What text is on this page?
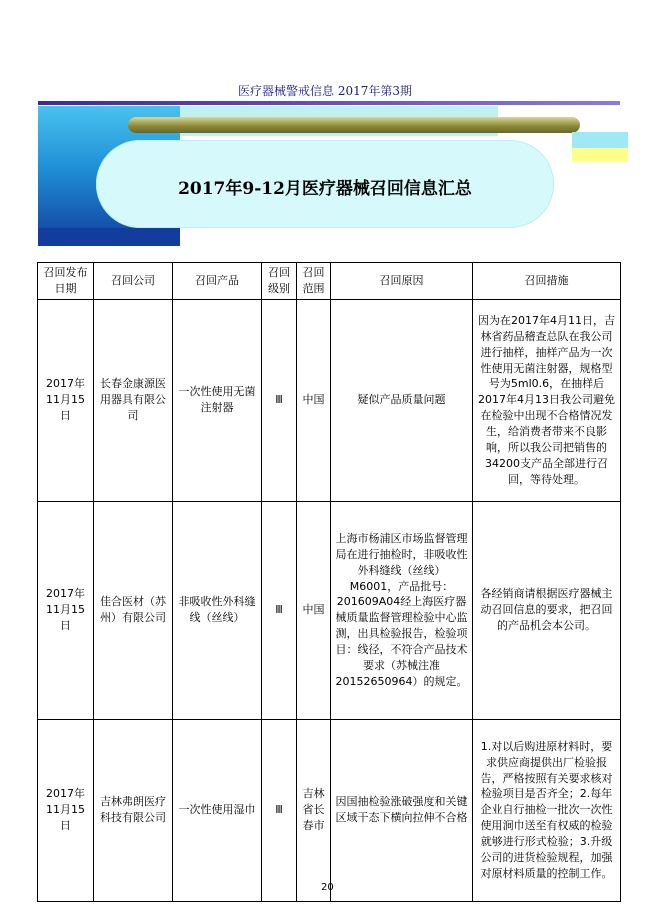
医疗器械警戒信息 2017年第3期
2017年9-12月医疗器械召回信息汇总
召回发布日期	召回公司	召回产品	召回级别	召回范围	召回原因	召回措施
2017年11月15日	长春金康源医用器具有限公司	一次性使用无菌注射器	Ⅲ	中国	疑似产品质量问题	因为在2017年4月11日，吉林省药品稽查总队在我公司进行抽样，抽样产品为一次性使用无菌注射器，规格型号为5ml0.6，在抽样后2017年4月13日我公司避免在检验中出现不合格情况发生，给消费者带来不良影响，所以我公司把销售的34200支产品全部进行召回，等待处理。
2017年11月15日	佳合医材（苏州）有限公司	非吸收性外科缝线（丝线）	Ⅲ	中国	上海市杨浦区市场监督管理局在进行抽检时，非吸收性外科缝线（丝线）M6001，产品批号：201609A04经上海医疗器械质量监督管理检验中心监测，出具检验报告，检验项目：线径，不符合产品技术要求（苏械注准20152650964）的规定。	各经销商请根据医疗器械主动召回信息的要求，把召回的产品机会本公司。
2017年11月15日	吉林弗朗医疗科技有限公司	一次性使用湿巾	Ⅲ	吉林省长春市	因国抽检验涨破强度和关键区域干态下横向拉伸不合格	1.对以后购进原材料时，要求供应商提供出厂检验报告，严格按照有关要求核对检验项目是否齐全；2.每年企业自行抽检一批次一次性使用涧巾送至有权威的检验就够进行形式检验；3.升级公司的进货检验规程，加强对原材料质量的控制工作。
20
